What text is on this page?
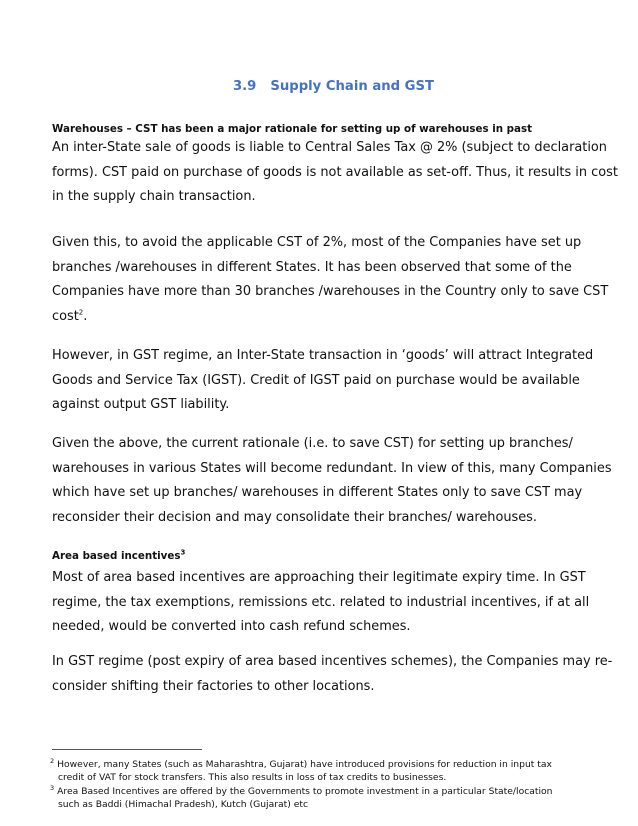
3.9 Supply Chain and GST
Warehouses – CST has been a major rationale for setting up of warehouses in past
An inter-State sale of goods is liable to Central Sales Tax @ 2% (subject to declaration
forms). CST paid on purchase of goods is not available as set-off. Thus, it results in cost
in the supply chain transaction.
Given this, to avoid the applicable CST of 2%, most of the Companies have set up
branches /warehouses in different States. It has been observed that some of the
Companies have more than 30 branches /warehouses in the Country only to save CST
cost$^2$.
However, in GST regime, an Inter-State transaction in ‘goods’ will attract Integrated
Goods and Service Tax (IGST). Credit of IGST paid on purchase would be available
against output GST liability.
Given the above, the current rationale (i.e. to save CST) for setting up branches/
warehouses in various States will become redundant. In view of this, many Companies
which have set up branches/ warehouses in different States only to save CST may
reconsider their decision and may consolidate their branches/ warehouses.
Area based incentives$^3$
Most of area based incentives are approaching their legitimate expiry time. In GST
regime, the tax exemptions, remissions etc. related to industrial incentives, if at all
needed, would be converted into cash refund schemes.
In GST regime (post expiry of area based incentives schemes), the Companies may re-
consider shifting their factories to other locations.
$^2$ However, many States (such as Maharashtra, Gujarat) have introduced provisions for reduction in input tax
credit of VAT for stock transfers. This also results in loss of tax credits to businesses.
$^3$ Area Based Incentives are offered by the Governments to promote investment in a particular State/location
such as Baddi (Himachal Pradesh), Kutch (Gujarat) etc
